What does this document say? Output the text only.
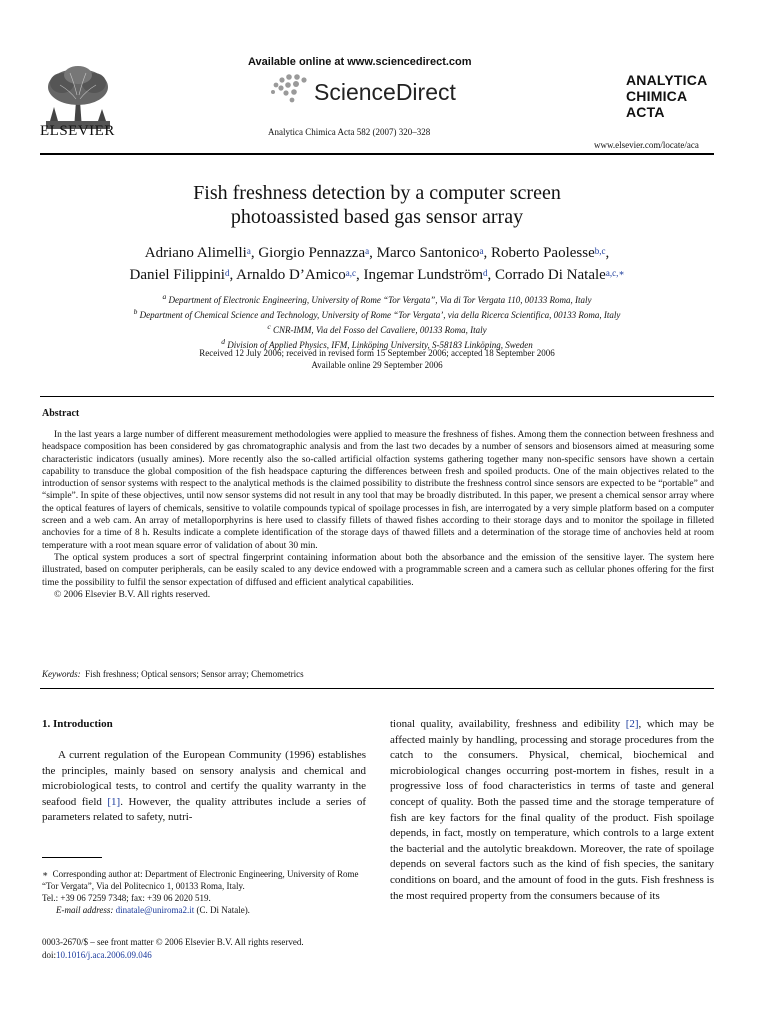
ELSEVIER
Available online at www.sciencedirect.com
ScienceDirect
Analytica Chimica Acta 582 (2007) 320–328
ANALYTICA
CHIMICA
ACTA
www.elsevier.com/locate/aca
Fish freshness detection by a computer screen
photoassisted based gas sensor array
Adriano Alimelli$^a$, Giorgio Pennazza$^a$, Marco Santonico$^a$, Roberto Paolesse$^{b,c}$,
Daniel Filippini$^d$, Arnaldo D’Amico$^{a,c}$, Ingemar Lundström$^d$, Corrado Di Natale$^{a,c,∗}$
$^a$ Department of Electronic Engineering, University of Rome “Tor Vergata”, Via di Tor Vergata 110, 00133 Roma, Italy
$^b$ Department of Chemical Science and Technology, University of Rome “Tor Vergata’, via della Ricerca Scientifica, 00133 Roma, Italy
$^c$ CNR-IMM, Via del Fosso del Cavaliere, 00133 Roma, Italy
$^d$ Division of Applied Physics, IFM, Linköping University, S-58183 Linköping, Sweden
Received 12 July 2006; received in revised form 15 September 2006; accepted 18 September 2006
Available online 29 September 2006
Abstract

In the last years a large number of different measurement methodologies were applied to measure the freshness of fishes. Among them the connection between freshness and headspace composition has been considered by gas chromatographic analysis and from the last two decades by a number of sensors and biosensors aimed at measuring some characteristic indicators (usually amines). More recently also the so-called artificial olfaction systems gathering together many non-specific sensors have shown a certain capability to transduce the global composition of the fish headspace capturing the differences between fresh and spoiled products. One of the main objectives related to the introduction of sensor systems with respect to the analytical methods is the claimed possibility to distribute the freshness control since sensors are expected to be “portable” and “simple”. In spite of these objectives, until now sensor systems did not result in any tool that may be broadly distributed. In this paper, we present a chemical sensor array where the optical features of layers of chemicals, sensitive to volatile compounds typical of spoilage processes in fish, are interrogated by a very simple platform based on a computer screen and a web cam. An array of metalloporphyrins is here used to classify fillets of thawed fishes according to their storage days and to monitor the spoilage in filleted anchovies for a time of 8 h. Results indicate a complete identification of the storage days of thawed fillets and a determination of the storage time of anchovies held at room temperature with a root mean square error of validation of about 30 min.

The optical system produces a sort of spectral fingerprint containing information about both the absorbance and the emission of the sensitive layer. The system here illustrated, based on computer peripherals, can be easily scaled to any device endowed with a programmable screen and a camera such as cellular phones offering for the first time the possibility to fulfil the sensor expectation of diffused and efficient analytical capabilities.

© 2006 Elsevier B.V. All rights reserved.

Keywords: Fish freshness; Optical sensors; Sensor array; Chemometrics
1. Introduction

A current regulation of the European Community (1996) establishes the principles, mainly based on sensory analysis and chemical and microbiological tests, to control and certify the quality warranty in the seafood field [1]. However, the quality attributes include a series of parameters related to safety, nutri-

tional quality, availability, freshness and edibility [2], which may be affected mainly by handling, processing and storage procedures from the catch to the consumers. Physical, chemical, biochemical and microbiological changes occurring post-mortem in fishes, result in a progressive loss of food characteristics in terms of taste and general concept of quality. Both the passed time and the storage temperature of fish are key factors for the final quality of the product. Fish spoilage depends, in fact, mostly on temperature, which controls to a large extent the bacterial and the autolytic breakdown. Moreover, the rate of spoilage depends on several factors such as the kind of fish species, the sanitary conditions on board, and the amount of food in the guts. Fish freshness is the most required property from the consumers because of its

∗ Corresponding author at: Department of Electronic Engineering, University of Rome “Tor Vergata”, Via del Politecnico 1, 00133 Roma, Italy.
Tel.: +39 06 7259 7348; fax: +39 06 2020 519.
E-mail address: dinatale@uniroma2.it (C. Di Natale).
0003-2670/$ – see front matter © 2006 Elsevier B.V. All rights reserved.
doi:10.1016/j.aca.2006.09.046
